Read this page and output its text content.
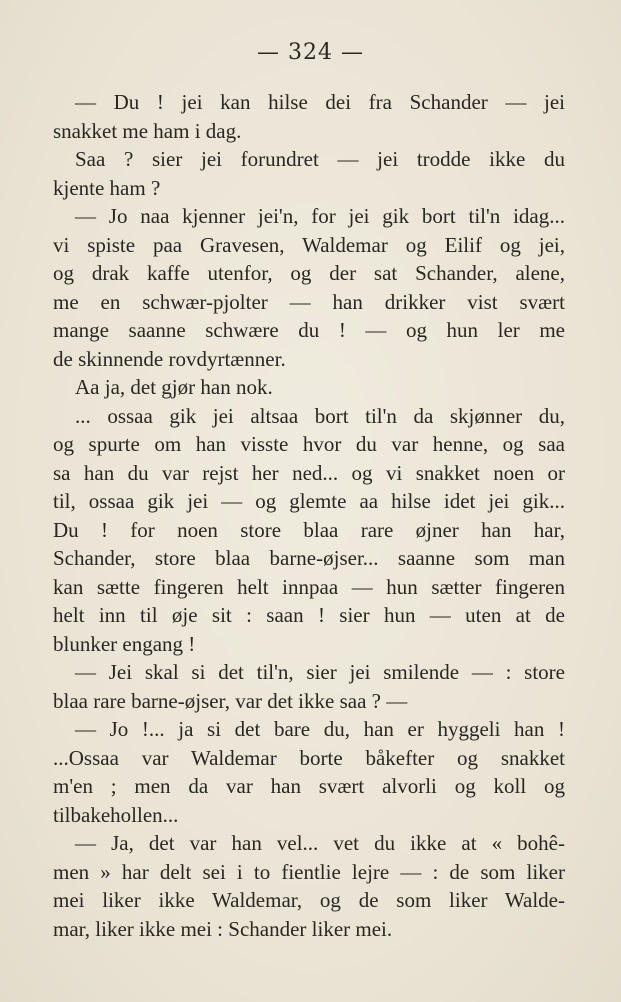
— 324 —
— Du ! jei kan hilse dei fra Schander — jei
snakket me ham i dag.
Saa ? sier jei forundret — jei trodde ikke du
kjente ham ?
— Jo naa kjenner jei'n, for jei gik bort til'n idag...
vi spiste paa Gravesen, Waldemar og Eilif og jei,
og drak kaffe utenfor, og der sat Schander, alene,
me en schwær-pjolter — han drikker vist svært
mange saanne schwære du ! — og hun ler me
de skinnende rovdyrtænner.
Aa ja, det gjør han nok.
... ossaa gik jei altsaa bort til'n da skjønner du,
og spurte om han visste hvor du var henne, og saa
sa han du var rejst her ned... og vi snakket noen or
til, ossaa gik jei — og glemte aa hilse idet jei gik...
Du ! for noen store blaa rare øjner han har,
Schander, store blaa barne-øjser... saanne som man
kan sætte fingeren helt innpaa — hun sætter fingeren
helt inn til øje sit : saan ! sier hun — uten at de
blunker engang !
— Jei skal si det til'n, sier jei smilende — : store
blaa rare barne-øjser, var det ikke saa ? —
— Jo !... ja si det bare du, han er hyggeli han !
...Ossaa var Waldemar borte båkefter og snakket
m'en ; men da var han svært alvorli og koll og
tilbakehollen...
— Ja, det var han vel... vet du ikke at « bohê-
men » har delt sei i to fientlie lejre — : de som liker
mei liker ikke Waldemar, og de som liker Walde-
mar, liker ikke mei : Schander liker mei.
